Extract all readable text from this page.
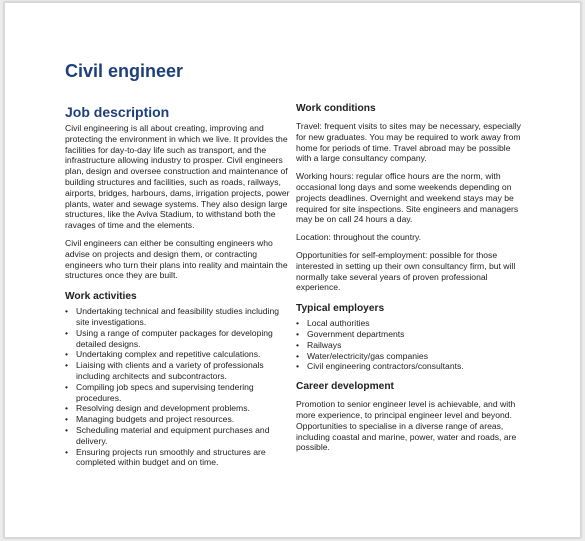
Civil engineer
Job description

Civil engineering is all about creating, improving and protecting the environment in which we live. It provides the facilities for day-to-day life such as transport, and the infrastructure allowing industry to prosper. Civil engineers plan, design and oversee construction and maintenance of building structures and facilities, such as roads, railways, airports, bridges, harbours, dams, irrigation projects, power plants, water and sewage systems. They also design large structures, like the Aviva Stadium, to withstand both the ravages of time and the elements.

Civil engineers can either be consulting engineers who advise on projects and design them, or contracting engineers who turn their plans into reality and maintain the structures once they are built.

Work activities
• Undertaking technical and feasibility studies including site investigations.
• Using a range of computer packages for developing detailed designs.
• Undertaking complex and repetitive calculations.
• Liaising with clients and a variety of professionals including architects and subcontractors.
• Compiling job specs and supervising tendering procedures.
• Resolving design and development problems.
• Managing budgets and project resources.
• Scheduling material and equipment purchases and delivery.
• Ensuring projects run smoothly and structures are completed within budget and on time.
Work conditions

Travel: frequent visits to sites may be necessary, especially for new graduates. You may be required to work away from home for periods of time. Travel abroad may be possible with a large consultancy company.

Working hours: regular office hours are the norm, with occasional long days and some weekends depending on projects deadlines. Overnight and weekend stays may be required for site inspections. Site engineers and managers may be on call 24 hours a day.

Location: throughout the country.

Opportunities for self-employment: possible for those interested in setting up their own consultancy firm, but will normally take several years of proven professional experience.

Typical employers
• Local authorities
• Government departments
• Railways
• Water/electricity/gas companies
• Civil engineering contractors/consultants.
Career development

Promotion to senior engineer level is achievable, and with more experience, to principal engineer level and beyond. Opportunities to specialise in a diverse range of areas, including coastal and marine, power, water and roads, are possible.
